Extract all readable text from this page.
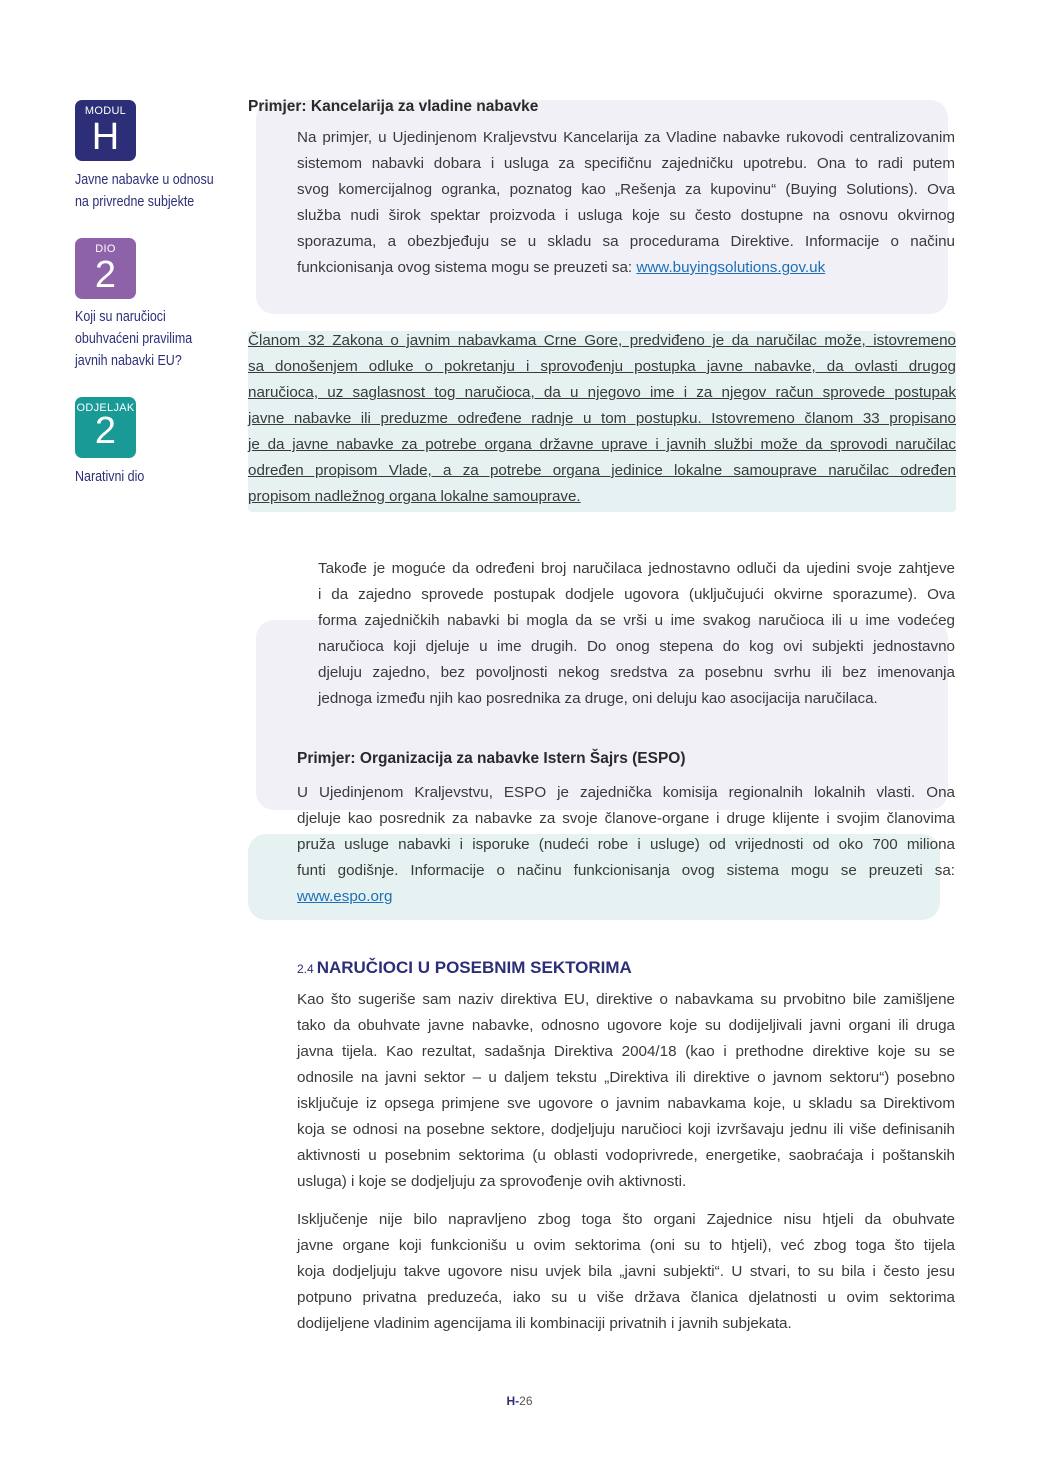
MODUL
H
Javne nabavke u odnosu
na privredne subjekte
DIO
2
Koji su naručioci
obuhvaćeni pravilima
javnih nabavki EU?
ODJELJAK
2
Narativni dio
Primjer: Kancelarija za vladine nabavke
Na primjer, u Ujedinjenom Kraljevstvu Kancelarija za Vladine nabavke rukovodi centralizovanim
sistemom nabavki dobara i usluga za specifičnu zajedničku upotrebu. Ona to radi putem
svog komercijalnog ogranka, poznatog kao „Rešenja za kupovinu“ (Buying Solutions). Ova
služba nudi širok spektar proizvoda i usluga koje su često dostupne na osnovu okvirnog
sporazuma, a obezbjeđuju se u skladu sa procedurama Direktive. Informacije o načinu
funkcionisanja ovog sistema mogu se preuzeti sa: www.buyingsolutions.gov.uk
Članom 32 Zakona o javnim nabavkama Crne Gore, predviđeno je da naručilac može, istovremeno
sa donošenjem odluke o pokretanju i sprovođenju postupka javne nabavke, da ovlasti drugog
naručioca, uz saglasnost tog naručioca, da u njegovo ime i za njegov račun sprovede postupak
javne nabavke ili preduzme određene radnje u tom postupku. Istovremeno članom 33 propisano
je da javne nabavke za potrebe organa državne uprave i javnih službi može da sprovodi naručilac
određen propisom Vlade, a za potrebe organa jedinice lokalne samouprave naručilac određen
propisom nadležnog organa lokalne samouprave.
Takođe je moguće da određeni broj naručilaca jednostavno odluči da ujedini svoje zahtjeve
i da zajedno sprovede postupak dodjele ugovora (uključujući okvirne sporazume). Ova
forma zajedničkih nabavki bi mogla da se vrši u ime svakog naručioca ili u ime vodećeg
naručioca koji djeluje u ime drugih. Do onog stepena do kog ovi subjekti jednostavno
djeluju zajedno, bez povoljnosti nekog sredstva za posebnu svrhu ili bez imenovanja
jednoga između njih kao posrednika za druge, oni deluju kao asocijacija naručilaca.
Primjer: Organizacija za nabavke Istern Šajrs (ESPO)
U Ujedinjenom Kraljevstvu, ESPO je zajednička komisija regionalnih lokalnih vlasti. Ona
djeluje kao posrednik za nabavke za svoje članove-organe i druge klijente i svojim članovima
pruža usluge nabavki i isporuke (nudeći robe i usluge) od vrijednosti od oko 700 miliona
funti godišnje. Informacije o načinu funkcionisanja ovog sistema mogu se preuzeti sa:
www.espo.org
2.4 NARUČIOCI U POSEBNIM SEKTORIMA
Kao što sugeriše sam naziv direktiva EU, direktive o nabavkama su prvobitno bile zamišljene
tako da obuhvate javne nabavke, odnosno ugovore koje su dodijeljivali javni organi ili druga
javna tijela. Kao rezultat, sadašnja Direktiva 2004/18 (kao i prethodne direktive koje su se
odnosile na javni sektor – u daljem tekstu „Direktiva ili direktive o javnom sektoru“) posebno
isključuje iz opsega primjene sve ugovore o javnim nabavkama koje, u skladu sa Direktivom
koja se odnosi na posebne sektore, dodjeljuju naručioci koji izvršavaju jednu ili više definisanih
aktivnosti u posebnim sektorima (u oblasti vodoprivrede, energetike, saobraćaja i poštanskih
usluga) i koje se dodjeljuju za sprovođenje ovih aktivnosti.
Isključenje nije bilo napravljeno zbog toga što organi Zajednice nisu htjeli da obuhvate
javne organe koji funkcionišu u ovim sektorima (oni su to htjeli), već zbog toga što tijela
koja dodjeljuju takve ugovore nisu uvjek bila „javni subjekti“. U stvari, to su bila i često jesu
potpuno privatna preduzeća, iako su u više država članica djelatnosti u ovim sektorima
dodijeljene vladinim agencijama ili kombinaciji privatnih i javnih subjekata.
H-26
